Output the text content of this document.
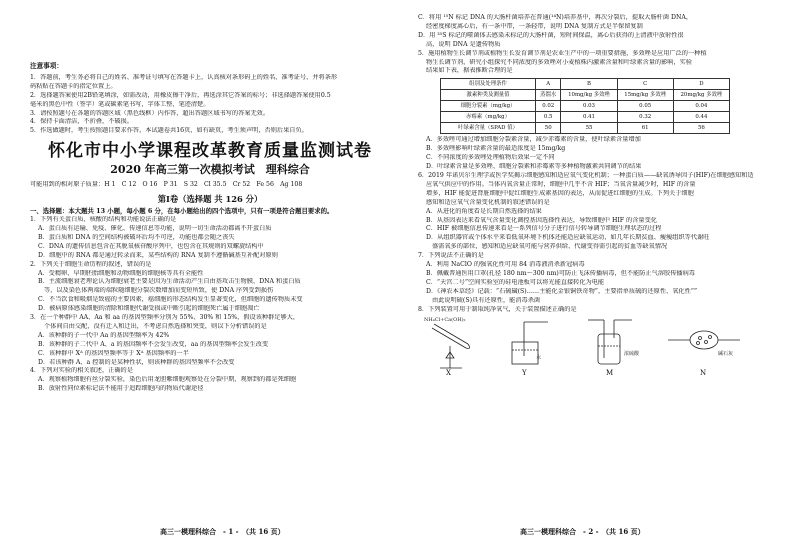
注意事项：
1．答题前，考生务必将自己的姓名、准考证号填写在答题卡上，认真核对条形码上的姓名、准考证号，并将条形
码粘贴在答题卡的指定位置上。
2．选择题答案使用2B铅笔填涂，如需改动，用橡皮擦干净后，再选涂其它答案的标号；非选择题答案使用0.5
毫米的黑色中性（签字）笔或碳素笔书写，字体工整，笔迹清楚。
3．请按照题号在各题的答题区域（黑色线框）内作答，超出答题区域书写的答案无效。
4．保持卡面清洁，不折叠，不破损。
5．作选做题时，考生按照题目要求作答，本试题卷共16页，如有缺页，考生须声明，否则后果自负。
怀化市中小学课程改革教育质量监测试卷
2020 年高三第一次模拟考试　理科综合
可能用到的相对原子质量：H 1　C 12　O 16　P 31　S 32　Cl 35.5　Cr 52　Fe 56　Ag 108
第Ⅰ卷（选择题 共 126 分）
一、选择题：本大题共 13 小题，每小题 6 分，在每小题给出的四个选项中，只有一项是符合题目要求的。
1．下列有关蛋白质、核酸的结构和功能说法正确的是
A．蛋白质有运输、免疫、催化、传递信息等功能，说明一切生命活动都离不开蛋白质
B．蛋白质和 DNA 的空间结构被破坏后均不可逆，功能也都会随之丧失
C．DNA 的遗传信息包含在其脱氧核苷酸序列中，也包含在其规则的双螺旋结构中
D．细胞中的 RNA 都是通过转录而来，某些结构的 RNA 复制不遵循碱基互补配对原则
2．下列关于细胞生命历程的叙述，错误的是
A．受精卵、早期胚胎细胞和动物细胞的细胞核等具有全能性
B．主流细胞衰老理论认为细胞衰老主要是因为生命活动产生自由基攻击生物膜、DNA 和蛋白质
等，以及染色体两端的端粒随细胞分裂次数增加而变短所致，使 DNA 序列受到损伤
C．不当饮食和吸烟是致癌的主要因素，癌细胞的形态结构发生显著变化，但细胞的遗传物质未变
D．被病原体感染细胞的清除和细胞代谢受损或中断引起的细胞死亡属于细胞凋亡
3．在一个种群中 AA、Aa 和 aa 的基因型频率分别为 55%、30% 和 15%，假设该种群足够大，
个体间自由交配，没有迁入和迁出，不考虑自然选择和突变，则以下分析错误的是
A．该种群的子一代中 Aa 的基因型频率为 42%
B．该种群的子二代中 A、a 的基因频率不会发生改变，aa 的基因型频率会发生改变
C．该种群中 Xᴬ 的基因型频率等于 Xᴬ 基因频率的一半
D．若该种群 A、a 控制的是某种性状，则该种群的基因型频率不会改变
4．下列对实验的相关叙述，正确的是
A．观察植物细胞有丝分裂实验，染色后用龙胆紫细胞观察处在分裂中期，观察到的都是死细胞
B．放射性同位素标记法不能用于追踪细胞内的物质代谢途径
C．将用 ¹⁵N 标记 DNA 的大肠杆菌培养在普通(¹⁴N)培养基中，再次分裂后，提取大肠杆菌 DNA，
经密度梯度离心后，有一条中带，一条轻带，说明 DNA 复制方式是半保留复制
D．用 ³⁵S 标记的噬菌体去感染未标记的大肠杆菌，短时间保温，离心后获得的上清液中放射性很
高，说明 DNA 是遗传物质
5．施用植物生长调节剂或植物生长发育调节剂是农业生产中的一项重要措施，多效唑是应用广泛的一种植
物生长调节剂，研究小组探究不同浓度的多效唑对小麦植株内激素含量和叶绿素含量的影响，实验
结果如下表，据表推断合理的是
组别及处理条件	A	B	C	D
激素种类及测量值	蒸馏水	10mg/kg 多效唑	15mg/kg 多效唑	20mg/kg 多效唑
细胞分裂素（mg/kg）	0.02	0.03	0.05	0.04
赤霉素（mg/kg）	0.5	0.41	0.32	0.44
叶绿素含量（SPAD 值）	50	55	61	56
A．多效唑可通过增加细胞分裂素含量，减少赤霉素的含量，使叶绿素含量增加
B．多效唑影响叶绿素含量的最适浓度是 15mg/kg
C．不同浓度的多效唑处理植物后效果一定不同
D．叶绿素含量是多效唑、细胞分裂素和赤霉素等多种植物激素共同调节的结果
6．2019 年诺贝尔生理学或医学奖揭示细胞感知和适应氧气变化机制；一种蛋白质——缺氧诱导因子(HIF)在细胞感知和适
应氧气供应中的作用。当体内氧含量正常时，细胞中几乎不含 HIF；当氧含量减少时，HIF 的含量
增多，HIF 能促进肾脏细胞中促红细胞生成素基因的表达，从而促进红细胞的生成。下列关于细胞
感知和适应氧气含量变化机制的叙述错误的是
A．从进化的角度看是长期自然选择的结果
B．从基因表达来看氧气含量变化调控基因选择性表达，导致细胞中 HIF 的含量变化
C．HIF 被细胞信息传递来看是一系列信号分子进行信号转导调节细胞生理状态的过程
D．从组织器官或个体水平来看低氧环境下机体还能适应缺氧运动，如几年长期贫血、瘦瘦组织等代谢旺
盛需氧多的部位，感知和适应缺氧可能与营养供给、代谢变得需引起的贫血等缺氧情况
7．下列说法不正确的是
A．利用 NaClO 的强氧化性可用 84 消毒液消杀新冠病毒
B．佩戴普通医用口罩(孔径 180 nm～300 nm)可防止飞沫传播病毒，但不能防止气溶胶传播病毒
C．“天宫二号”空间实验室的硅电池板可以将光能直接转化为电能
D．《神农本草经》记载：“石硫磺(S)……主能化金银铜铁奇物”，主要指单质硫的还原性、氧化性“”
由此说明硫(S)具有还原性，能消毒杀菌
8．下列装置可用于制取纯净氧气，关于装置描述正确的是
NH₄Cl+Ca(OH)₂
水
浓硫酸	碱石灰
X	Y	M	N
高三一模理科综合　- 1 -　（共 16 页）	高三一模理科综合　- 2 -　（共 16 页）
